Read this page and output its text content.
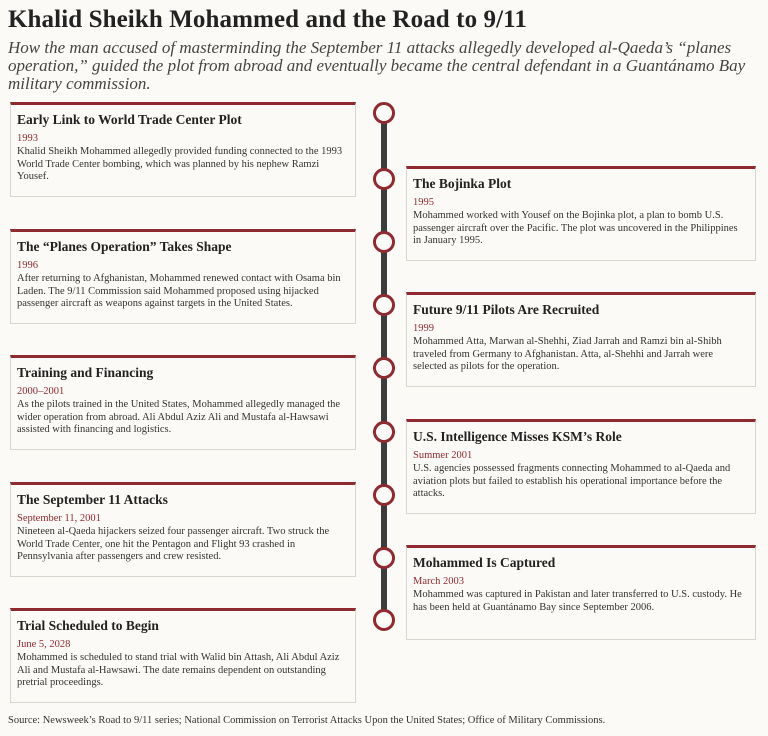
Khalid Sheikh Mohammed and the Road to 9/11
How the man accused of masterminding the September 11 attacks allegedly developed al-Qaeda’s “planes operation,” guided the plot from abroad and eventually became the central defendant in a Guantánamo Bay military commission.
Early Link to World Trade Center Plot
1993
Khalid Sheikh Mohammed allegedly provided funding connected to the 1993 World Trade Center bombing, which was planned by his nephew Ramzi Yousef.	The Bojinka Plot
1995
Mohammed worked with Yousef on the Bojinka plot, a plan to bomb U.S. passenger aircraft over the Pacific. The plot was uncovered in the Philippines in January 1995.
The “Planes Operation” Takes Shape
1996
After returning to Afghanistan, Mohammed renewed contact with Osama bin Laden. The 9/11 Commission said Mohammed proposed using hijacked passenger aircraft as weapons against targets in the United States.	Future 9/11 Pilots Are Recruited
1999
Mohammed Atta, Marwan al-Shehhi, Ziad Jarrah and Ramzi bin al-Shibh traveled from Germany to Afghanistan. Atta, al-Shehhi and Jarrah were selected as pilots for the operation.
Training and Financing
2000–2001
As the pilots trained in the United States, Mohammed allegedly managed the wider operation from abroad. Ali Abdul Aziz Ali and Mustafa al-Hawsawi assisted with financing and logistics.	U.S. Intelligence Misses KSM’s Role
Summer 2001
U.S. agencies possessed fragments connecting Mohammed to al-Qaeda and aviation plots but failed to establish his operational importance before the attacks.
The September 11 Attacks
September 11, 2001
Nineteen al-Qaeda hijackers seized four passenger aircraft. Two struck the World Trade Center, one hit the Pentagon and Flight 93 crashed in Pennsylvania after passengers and crew resisted.	Mohammed Is Captured
March 2003
Mohammed was captured in Pakistan and later transferred to U.S. custody. He has been held at Guantánamo Bay since September 2006.
Trial Scheduled to Begin
June 5, 2028
Mohammed is scheduled to stand trial with Walid bin Attash, Ali Abdul Aziz Ali and Mustafa al-Hawsawi. The date remains dependent on outstanding pretrial proceedings.
Source: Newsweek’s Road to 9/11 series; National Commission on Terrorist Attacks Upon the United States; Office of Military Commissions.
